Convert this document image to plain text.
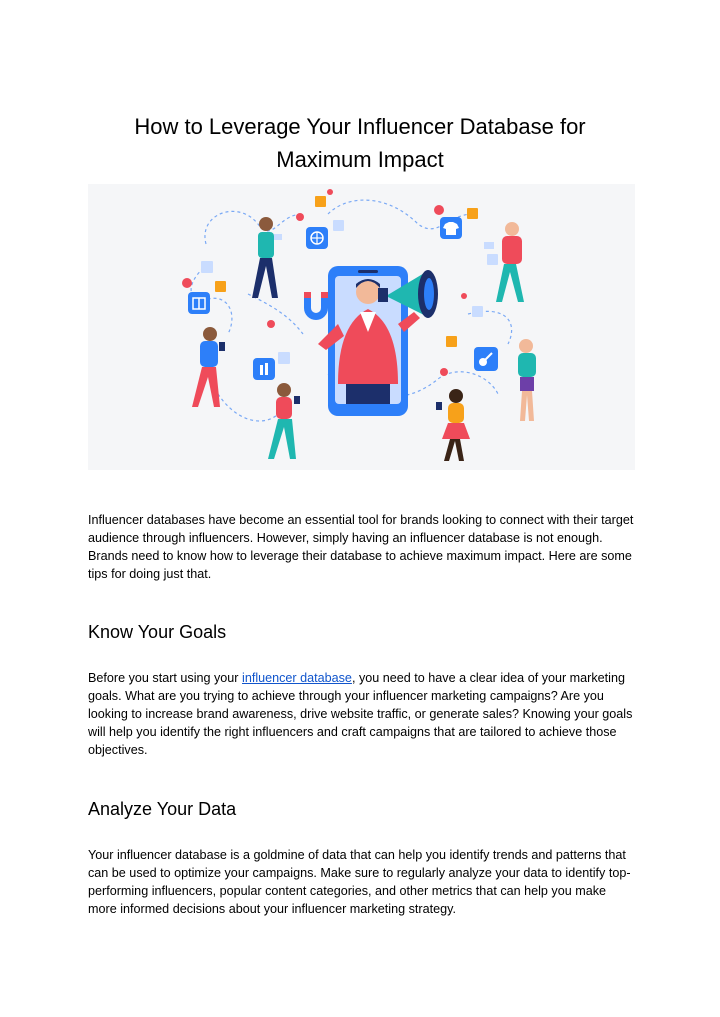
How to Leverage Your Influencer Database for Maximum Impact

Influencer databases have become an essential tool for brands looking to connect with their target audience through influencers. However, simply having an influencer database is not enough. Brands need to know how to leverage their database to achieve maximum impact. Here are some tips for doing just that.

Know Your Goals

Before you start using your influencer database, you need to have a clear idea of your marketing goals. What are you trying to achieve through your influencer marketing campaigns? Are you looking to increase brand awareness, drive website traffic, or generate sales? Knowing your goals will help you identify the right influencers and craft campaigns that are tailored to achieve those objectives.

Analyze Your Data

Your influencer database is a goldmine of data that can help you identify trends and patterns that can be used to optimize your campaigns. Make sure to regularly analyze your data to identify top-performing influencers, popular content categories, and other metrics that can help you make more informed decisions about your influencer marketing strategy.
